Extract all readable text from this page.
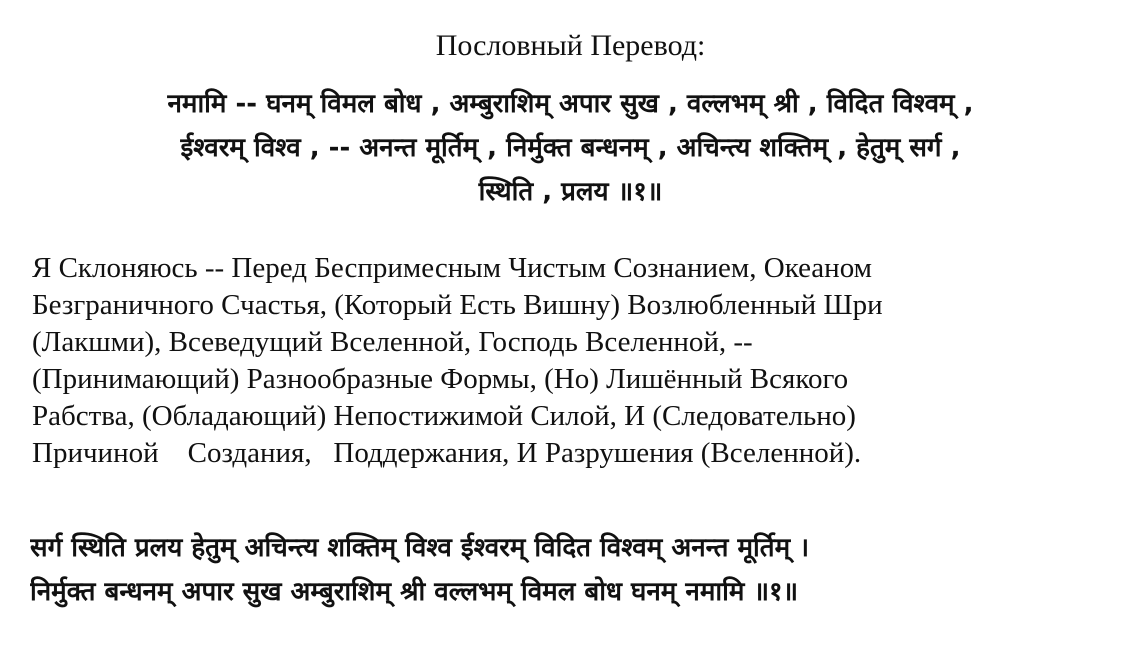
Пословный Перевод:
नमामि -- घनम् विमल बोध , अम्बुराशिम् अपार सुख , वल्लभम् श्री , विदित विश्वम् ,
ईश्वरम् विश्व , -- अनन्त मूर्तिम् , निर्मुक्त बन्धनम् , अचिन्त्य शक्तिम् , हेतुम् सर्ग ,
स्थिति , प्रलय ॥१॥
Я Склоняюсь -- Перед Беспримесным Чистым Сознанием, Океаном
Безграничного Счастья, (Который Есть Вишну) Возлюбленный Шри
(Лакшми), Всеведущий Вселенной, Господь Вселенной, --
(Принимающий) Разнообразные Формы, (Но) Лишённый Всякого
Рабства, (Обладающий) Непостижимой Силой, И (Следовательно)
Причиной    Создания,   Поддержания, И Разрушения (Вселенной).
सर्ग स्थिति प्रलय हेतुम् अचिन्त्य शक्तिम् विश्व ईश्वरम् विदित विश्वम् अनन्त मूर्तिम् ।
निर्मुक्त बन्धनम् अपार सुख अम्बुराशिम् श्री वल्लभम् विमल बोध घनम् नमामि ॥१॥
